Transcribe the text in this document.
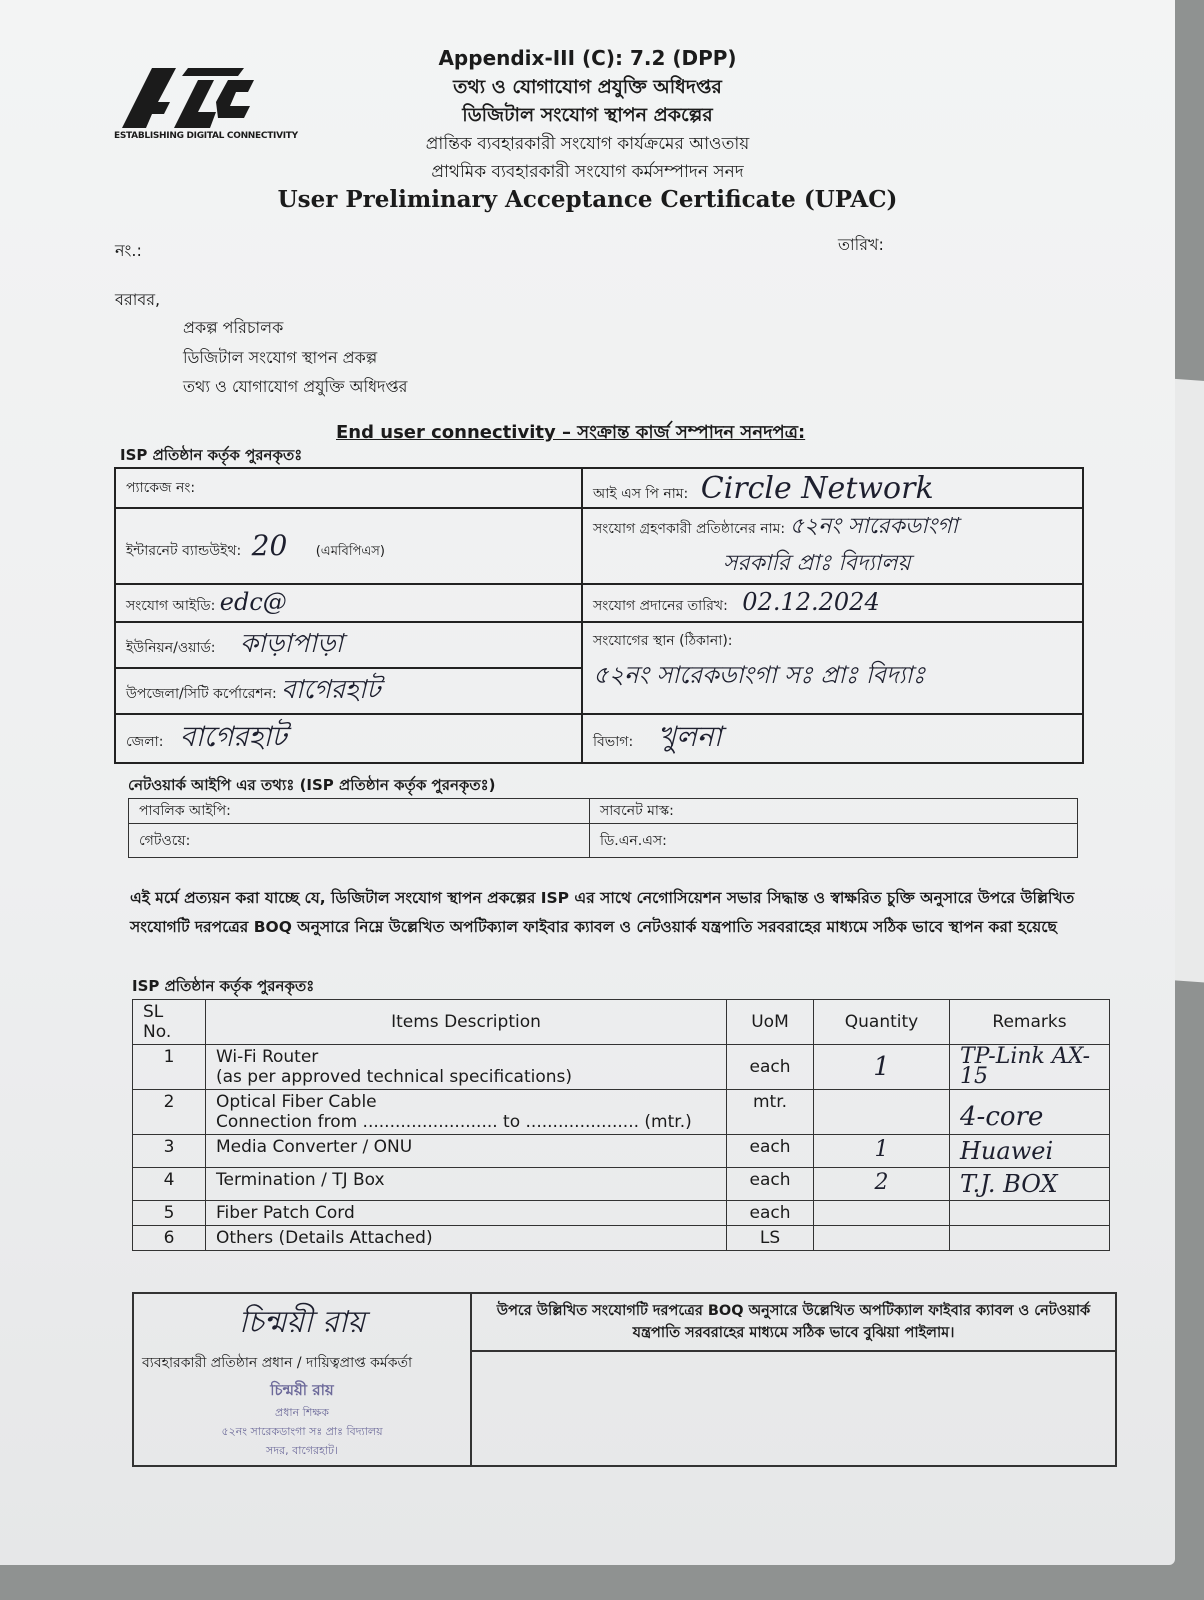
ESTABLISHING DIGITAL CONNECTIVITY
Appendix-III (C): 7.2 (DPP)
তথ্য ও যোগাযোগ প্রযুক্তি অধিদপ্তর
ডিজিটাল সংযোগ স্থাপন প্রকল্পের
প্রান্তিক ব্যবহারকারী সংযোগ কার্যক্রমের আওতায়
প্রাথমিক ব্যবহারকারী সংযোগ কর্মসম্পাদন সনদ
User Preliminary Acceptance Certificate (UPAC)
নং.:	তারিখ:
বরাবর,
প্রকল্প পরিচালক
ডিজিটাল সংযোগ স্থাপন প্রকল্প
তথ্য ও যোগাযোগ প্রযুক্তি অধিদপ্তর
End user connectivity – সংক্রান্ত কার্জ সম্পাদন সনদপত্র:
ISP প্রতিষ্ঠান কর্তৃক পুরনকৃতঃ
প্যাকেজ নং:	আই এস পি নাম: Circle Network
ইন্টারনেট ব্যান্ডউইথ: 20 (এমবিপিএস)	সংযোগ গ্রহণকারী প্রতিষ্ঠানের নাম: ৫২নং সারেকডাংগা
সরকারি প্রাঃ বিদ্যালয়

সংযোগ আইডি: edc@	সংযোগ প্রদানের তারিখ: 02.12.2024
ইউনিয়ন/ওয়ার্ড: কাড়াপাড়া	সংযোগের স্থান (ঠিকানা):
৫২নং সারেকডাংগা সঃ প্রাঃ বিদ্যাঃ

উপজেলা/সিটি কর্পোরেশন: বাগেরহাট	
জেলা: বাগেরহাট	বিভাগ: খুলনা
নেটওয়ার্ক আইপি এর তথ্যঃ (ISP প্রতিষ্ঠান কর্তৃক পুরনকৃতঃ)
পাবলিক আইপি:	সাবনেট মাস্ক:
গেটওয়ে:	ডি.এন.এস:
এই মর্মে প্রত্যয়ন করা যাচ্ছে যে, ডিজিটাল সংযোগ স্থাপন প্রকল্পের ISP এর সাথে নেগোসিয়েশন সভার সিদ্ধান্ত ও স্বাক্ষরিত চুক্তি অনুসারে উপরে উল্লিখিত সংযোগটি দরপত্রের BOQ অনুসারে নিম্নে উল্লেখিত অপটিক্যাল ফাইবার ক্যাবল ও নেটওয়ার্ক যন্ত্রপাতি সরবরাহের মাধ্যমে সঠিক ভাবে স্থাপন করা হয়েছে
ISP প্রতিষ্ঠান কর্তৃক পুরনকৃতঃ
SL No.	Items Description	UoM	Quantity	Remarks
1	Wi-Fi Router
(as per approved technical specifications)	each	1	TP-Link AX-15
2	Optical Fiber Cable
Connection from ......................... to ..................... (mtr.)	mtr.		4-core
3	Media Converter / ONU	each	1	Huawei
4	Termination / TJ Box	each	2	T.J. BOX
5	Fiber Patch Cord	each		
6	Others (Details Attached)	LS		
চিন্ময়ী রায়
ব্যবহারকারী প্রতিষ্ঠান প্রধান / দায়িত্বপ্রাপ্ত কর্মকর্তা
চিন্ময়ী রায়
প্রধান শিক্ষক
৫২নং সারেকডাংগা সঃ প্রাঃ বিদ্যালয়
সদর, বাগেরহাট।
	উপরে উল্লিখিত সংযোগটি দরপত্রের BOQ অনুসারে উল্লেখিত অপটিক্যাল ফাইবার ক্যাবল ও নেটওয়ার্ক যন্ত্রপাতি সরবরাহের মাধ্যমে সঠিক ভাবে বুঝিয়া পাইলাম।
